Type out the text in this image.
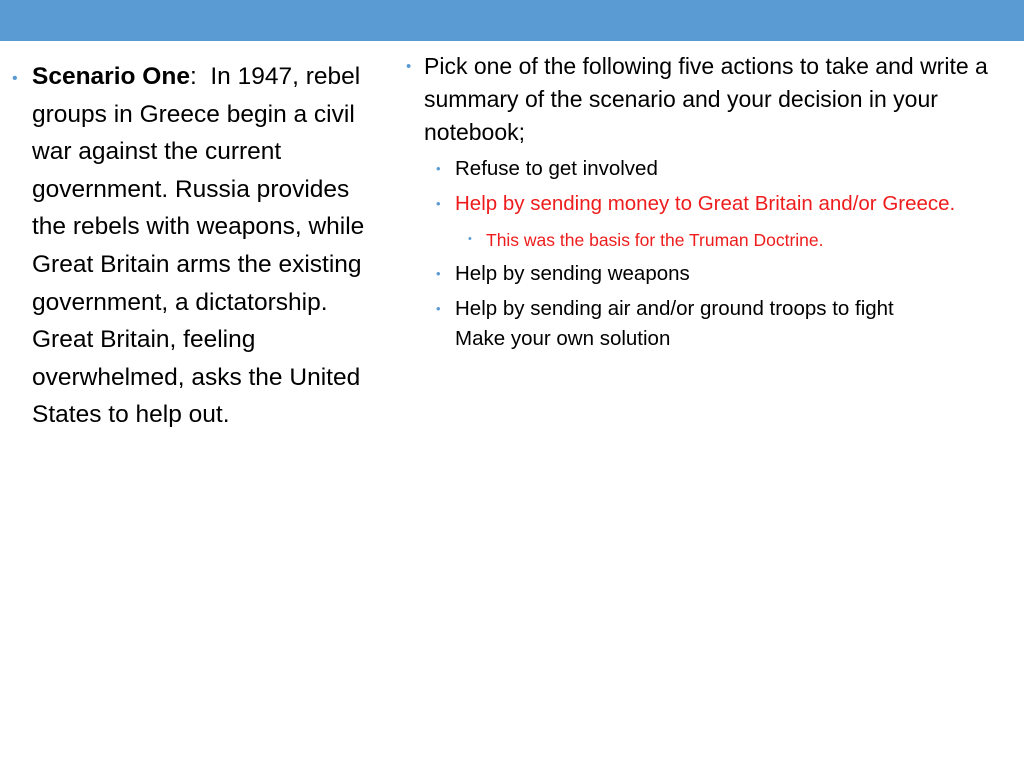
• Scenario One:  In 1947, rebel groups in Greece begin a civil war against the current government. Russia provides the rebels with weapons, while Great Britain arms the existing government, a dictatorship. Great Britain, feeling overwhelmed, asks the United States to help out.
• Pick one of the following five actions to take and write a summary of the scenario and your decision in your notebook;
• Refuse to get involved
• Help by sending money to Great Britain and/or Greece.
• This was the basis for the Truman Doctrine.
• Help by sending weapons
• Help by sending air and/or ground troops to fight
Make your own solution
